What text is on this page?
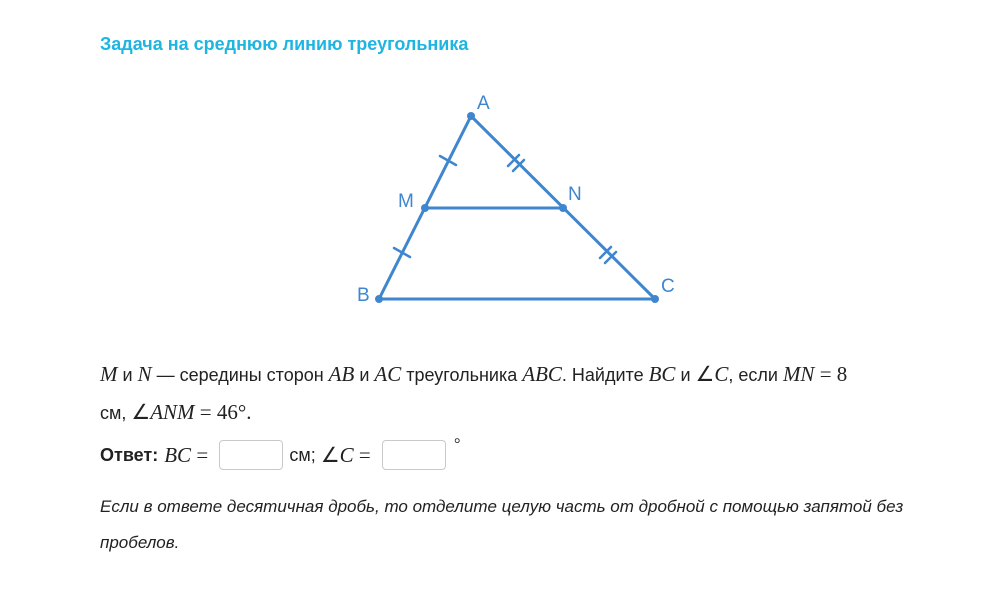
Задача на среднюю линию треугольника
A
B	C
M	N
M и N — середины сторон AB и AC треугольника ABC. Найдите BC и ∠C, если MN = 8
см, ∠ANM = 46°.
Ответ: BC =	см; ∠ C =	°
Если в ответе десятичная дробь, то отделите целую часть от дробной с помощью запятой без пробелов.
